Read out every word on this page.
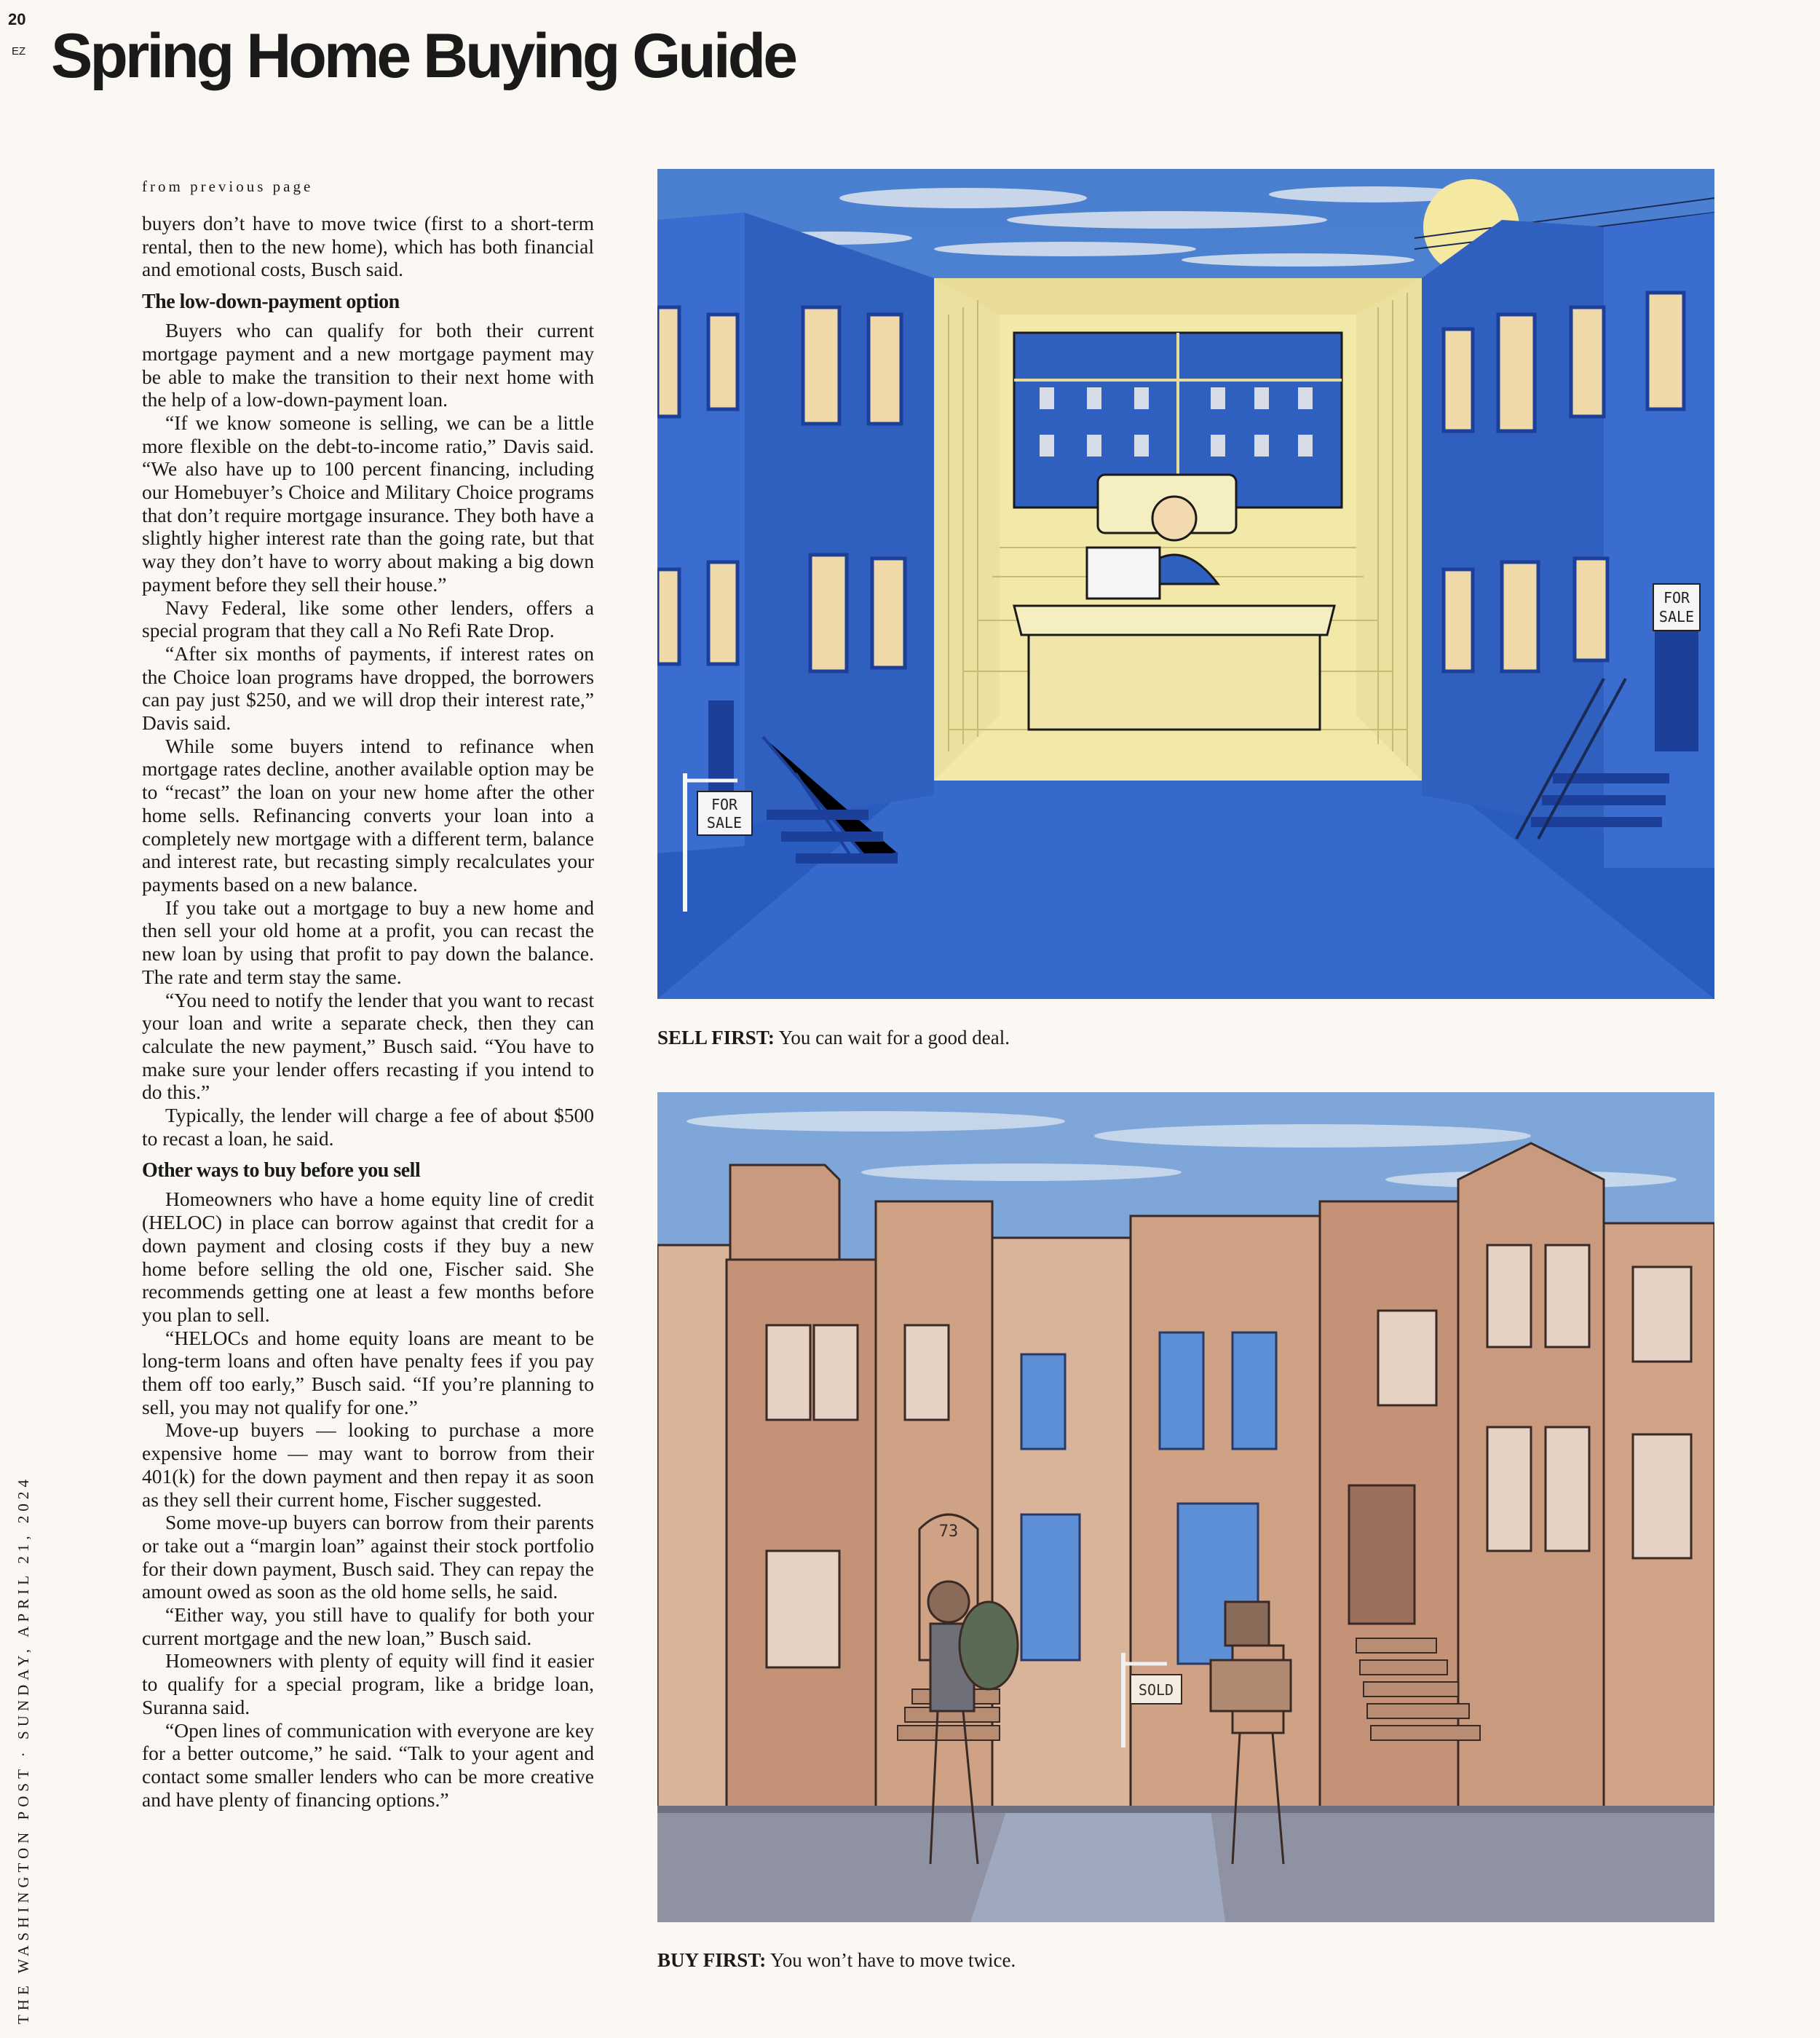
20
EZ Spring Home Buying Guide
THE WASHINGTON POST · SUNDAY, APRIL 21, 2024
from previous page

buyers don’t have to move twice (first to a short-term rental, then to the new home), which has both financial and emotional costs, Busch said.

The low-down-payment option

Buyers who can qualify for both their current mortgage payment and a new mortgage payment may be able to make the transition to their next home with the help of a low-down-payment loan.

“If we know someone is selling, we can be a little more flexible on the debt-to-income ratio,” Davis said. “We also have up to 100 percent financing, including our Homebuyer’s Choice and Military Choice programs that don’t require mortgage insurance. They both have a slightly higher interest rate than the going rate, but that way they don’t have to worry about making a big down payment before they sell their house.”

Navy Federal, like some other lenders, offers a special program that they call a No Refi Rate Drop.

“After six months of payments, if interest rates on the Choice loan programs have dropped, the borrowers can pay just $250, and we will drop their interest rate,” Davis said.

While some buyers intend to refinance when mortgage rates decline, another available option may be to “recast” the loan on your new home after the other home sells. Refinancing converts your loan into a completely new mortgage with a different term, balance and interest rate, but recasting simply recalculates your payments based on a new balance.

If you take out a mortgage to buy a new home and then sell your old home at a profit, you can recast the new loan by using that profit to pay down the balance. The rate and term stay the same.

“You need to notify the lender that you want to recast your loan and write a separate check, then they can calculate the new payment,” Busch said. “You have to make sure your lender offers recasting if you intend to do this.”

Typically, the lender will charge a fee of about $500 to recast a loan, he said.

Other ways to buy before you sell

Homeowners who have a home equity line of credit (HELOC) in place can borrow against that credit for a down payment and closing costs if they buy a new home before selling the old one, Fischer said. She recommends getting one at least a few months before you plan to sell.

“HELOCs and home equity loans are meant to be long-term loans and often have penalty fees if you pay them off too early,” Busch said. “If you’re planning to sell, you may not qualify for one.”

Move-up buyers — looking to purchase a more expensive home — may want to borrow from their 401(k) for the down payment and then repay it as soon as they sell their current home, Fischer suggested.

Some move-up buyers can borrow from their parents or take out a “margin loan” against their stock portfolio for their down payment, Busch said. They can repay the amount owed as soon as the old home sells, he said.

“Either way, you still have to qualify for both your current mortgage and the new loan,” Busch said.

Homeowners with plenty of equity will find it easier to qualify for a special program, like a bridge loan, Suranna said.

“Open lines of communication with everyone are key for a better outcome,” he said. “Talk to your agent and contact some smaller lenders who can be more creative and have plenty of financing options.”

FOR
SALE
FOR
SALE
SELL FIRST: You can wait for a good deal.
73
SOLD
BUY FIRST: You won’t have to move twice.
